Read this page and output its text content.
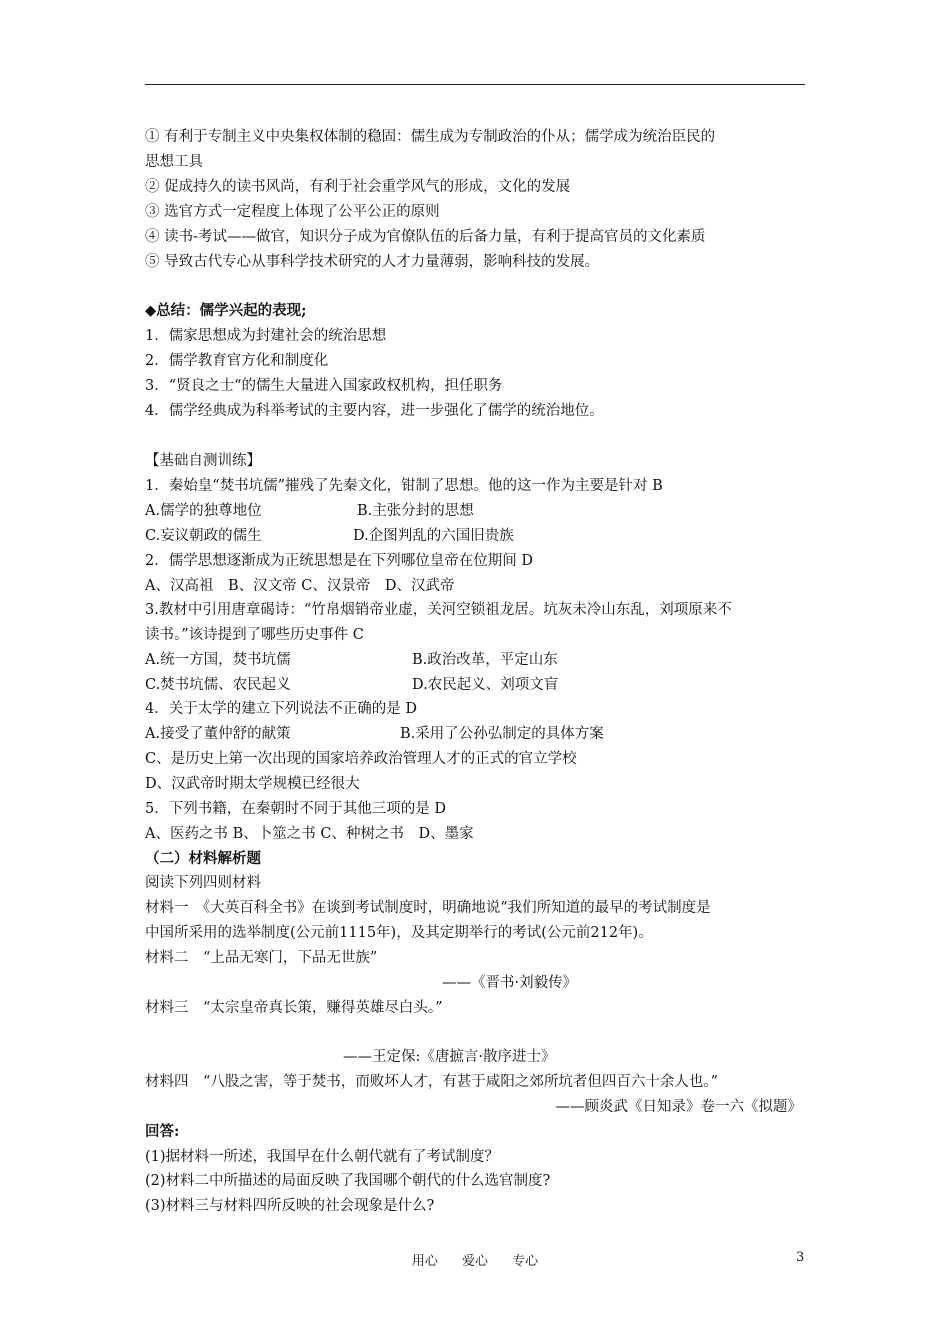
① 有利于专制主义中央集权体制的稳固：儒生成为专制政治的仆从；儒学成为统治臣民的
思想工具
② 促成持久的读书风尚，有利于社会重学风气的形成，文化的发展
③ 选官方式一定程度上体现了公平公正的原则
④ 读书-考试——做官，知识分子成为官僚队伍的后备力量，有利于提高官员的文化素质
⑤ 导致古代专心从事科学技术研究的人才力量薄弱，影响科技的发展。
◆总结：儒学兴起的表现;
1．儒家思想成为封建社会的统治思想
2．儒学教育官方化和制度化
3．“贤良之士“的儒生大量进入国家政权机构，担任职务
4．儒学经典成为科举考试的主要内容，进一步强化了儒学的统治地位。
【基础自测训练】
1．秦始皇“焚书坑儒”摧残了先秦文化，钳制了思想。他的这一作为主要是针对 B
A.儒学的独尊地位	B.主张分封的思想
C.妄议朝政的儒生	D.企图判乱的六国旧贵族
2．儒学思想逐渐成为正统思想是在下列哪位皇帝在位期间 D
A、汉高祖　B、汉文帝 C、汉景帝　D、汉武帝
3.教材中引用唐章碣诗：“竹帛烟销帝业虚，关河空锁祖龙居。坑灰未冷山东乱，刘项原来不
读书。”该诗提到了哪些历史事件 C
A.统一方国，焚书坑儒	B.政治改革，平定山东
C.焚书坑儒、农民起义	D.农民起义、刘项文盲
4．关于太学的建立下列说法不正确的是 D
A.接受了董仲舒的献策	B.采用了公孙弘制定的具体方案
C、是历史上第一次出现的国家培养政治管理人才的正式的官立学校
D、汉武帝时期太学规模已经很大
5．下列书籍，在秦朝时不同于其他三项的是 D
A、医药之书 B、卜筮之书 C、种树之书　D、墨家
（二）材料解析题
阅读下列四则材料
材料一　《大英百科全书》在谈到考试制度时，明确地说“我们所知道的最早的考试制度是
中国所采用的选举制度(公元前1115年)，及其定期举行的考试(公元前212年)。
材料二　“上品无寒门，下品无世族”
——《晋书·刘毅传》
材料三　“太宗皇帝真长策，赚得英雄尽白头。”
——王定保:《唐摭言·散序进士》
材料四　“八股之害，等于焚书，而败坏人才，有甚于咸阳之郊所坑者但四百六十余人也。”
——顾炎武《日知录》卷一六《拟题》
回答:
(1)据材料一所述，我国早在什么朝代就有了考试制度？
(2)材料二中所描述的局面反映了我国哪个朝代的什么选官制度?
(3)材料三与材料四所反映的社会现象是什么?
用心 爱心 专心	3
